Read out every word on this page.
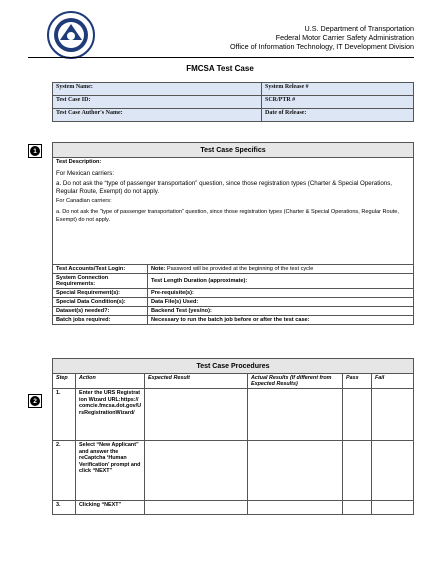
U.S. Department of Transportation
Federal Motor Carrier Safety Administration
Office of Information Technology, IT Development Division
FMCSA Test Case
System Name:	System Release #
Test Case ID:	SCR/PTR #
Test Case Author's Name:	Date of Release:
1
2
Test Case Specifics	

Test Description:

For Mexican carriers:

a. Do not ask the “type of passenger transportation” question, since those registration types (Charter & Special Operations, Regular Route, Exempt) do not apply.

For Canadian carriers:

a. Do not ask the “type of passenger transportation” question, since those registration types (Charter & Special Operations, Regular Route, Exempt) do not apply.	

Test Accounts/Test Login:	Note: Password will be provided at the beginning of the test cycle
System Connection Requirements:	Test Length Duration (approximate):
Special Requirement(s):	Pre-requisite(s):
Special Data Condition(s):	Data File(s) Used:
Dataset(s) needed?:	Backend Test (yes/no):
Batch jobs required:	Necessary to run the batch job before or after the test case:
Test Case Procedures					
Step	Action	Expected Result	Actual Results (If different from Expected Results)	Pass	Fail
1.	Enter the URS Registration Wizard URL:https://comcie.fmcsa.dot.gov/UrsRegistrationWizard/				
2.	Select “New Applicant” and answer the reCaptcha ‘Human Verification’ prompt and click “NEXT”				
3.	Clicking “NEXT”				
